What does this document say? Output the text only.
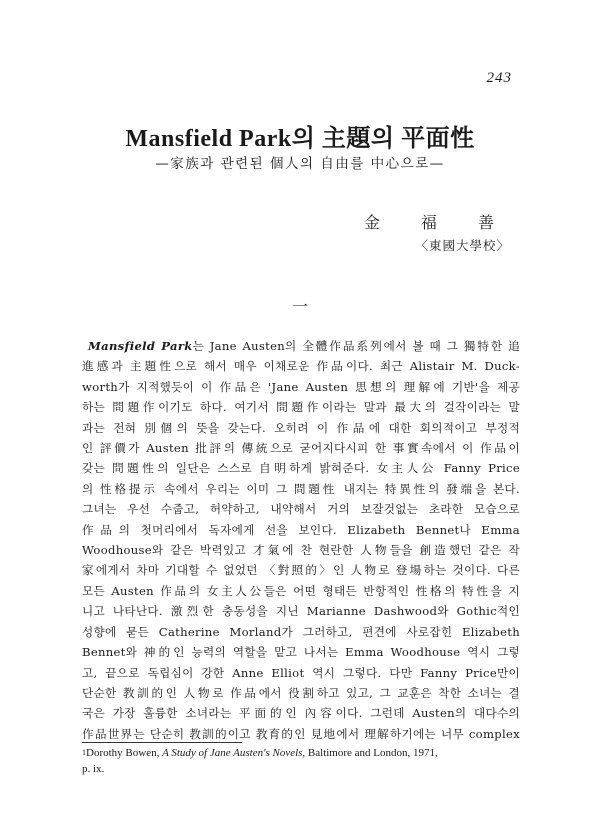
243
Mansfield Park의 主題의 平面性
—家族과 관련된 個人의 自由를 中心으로—
金 福 善
〈東國大學校〉
一
Mansfield Park는 Jane Austen의 全體作品系列에서 볼 때 그 獨特한 追
進感과 主題性으로 해서 매우 이채로운 作品이다. 최근 Alistair M. Duck-
worth가 지적했듯이 이 作品은 'Jane Austen 思想의 理解에 기반'을 제공
하는 問題作이기도 하다. 여기서 問題作이라는 말과 最大의 걸작이라는 말
과는 전혀 別個의 뜻을 갖는다. 오히려 이 作品에 대한 회의적이고 부정적
인 評價가 Austen 批評의 傳統으로 굳어지다시피 한 事實속에서 이 作品이
갖는 問題性의 일단은 스스로 自明하게 밝혀준다. 女主人公 Fanny Price
의 性格提示 속에서 우리는 이미 그 問題性 내지는 特異性의 發端을 본다.
그녀는 우선 수줍고, 허약하고, 내약해서 거의 보잘것없는 초라한 모습으로
作品의 첫머리에서 독자에게 선을 보인다. Elizabeth Bennet나 Emma
Woodhouse와 같은 박력있고 才氣에 찬 현란한 人物들을 創造했던 같은 작
家에게서 차마 기대할 수 없었던 〈對照的〉인 人物로 登場하는 것이다. 다른
모든 Austen 作品의 女主人公들은 어떤 형태든 반항적인 性格의 特性을 지
니고 나타난다. 激烈한 충동성을 지닌 Marianne Dashwood와 Gothic적인
성향에 묻든 Catherine Morland가 그러하고, 편견에 사로잡힌 Elizabeth
Bennet와 神的인 능력의 역할을 맡고 나서는 Emma Woodhouse 역시 그렇
고, 끝으로 독립심이 강한 Anne Elliot 역시 그렇다. 다만 Fanny Price만이
단순한 教訓的인 人物로 作品에서 役割하고 있고, 그 교훈은 착한 소녀는 결
국은 가장 훌륭한 소녀라는 平面的인 內容이다. 그런데 Austen의 대다수의
作品世界는 단순히 教訓的이고 教育的인 見地에서 理解하기에는 너무 complex
$^1$Dorothy Bowen, A Study of Jane Austen's Novels, Baltimore and London, 1971,
p. ix.
